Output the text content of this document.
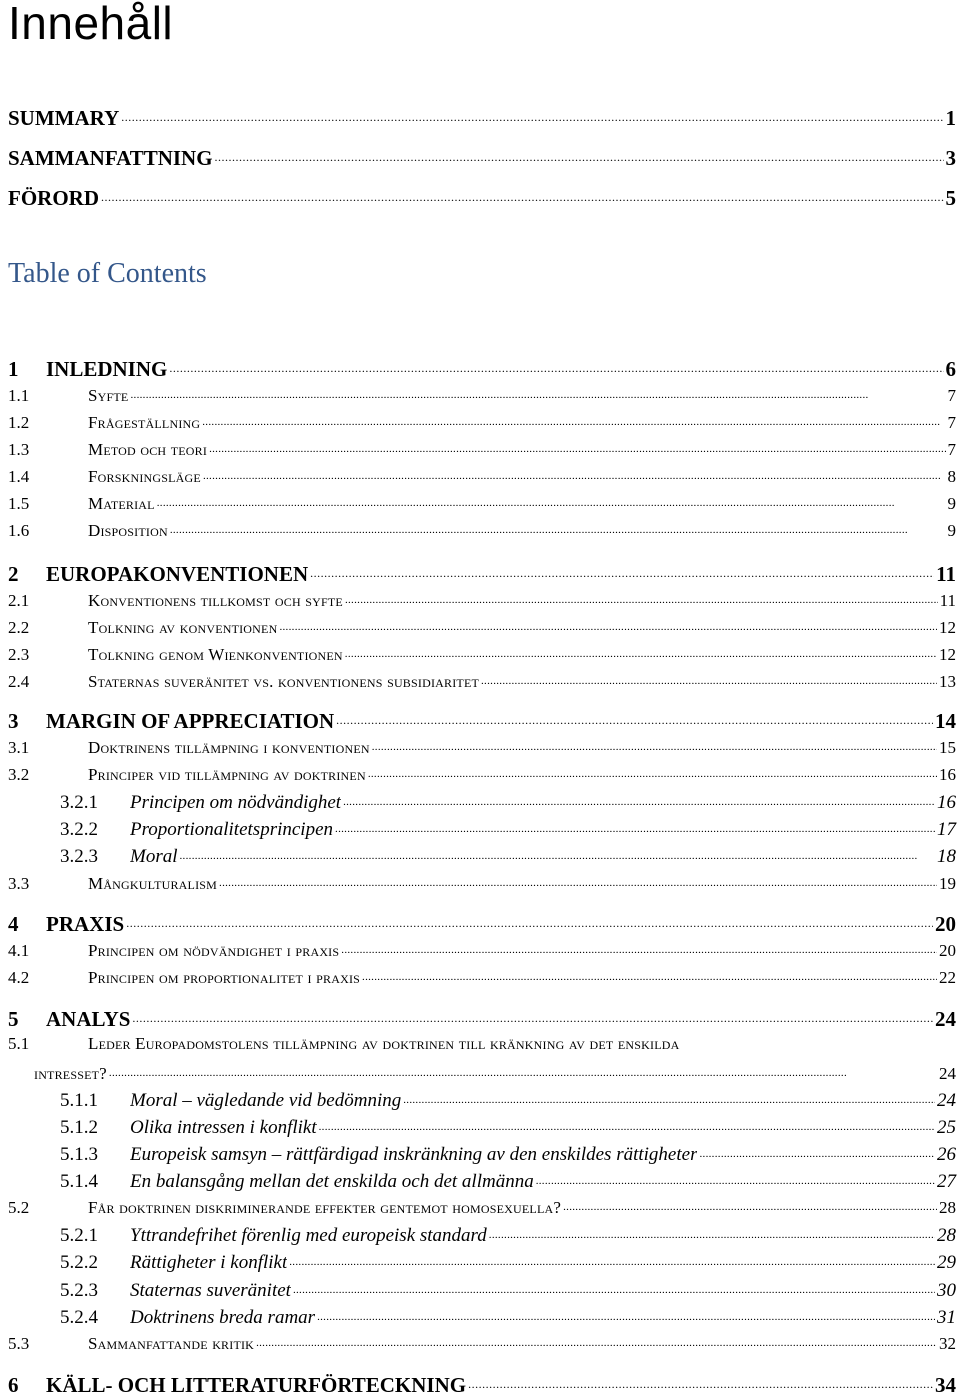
Innehåll
SUMMARY .....	1
SAMMANFATTNING .....	3
FÖRORD .....	5
Table of Contents
1	INLEDNING .....	6
1.1	Syfte .....	7
1.2	Frågeställning .....	7
1.3	Metod och teori .....	7
1.4	Forskningsläge .....	8
1.5	Material .....	9
1.6	Disposition .....	9
2	EUROPAKONVENTIONEN .....	11
2.1	Konventionens tillkomst och syfte .....	11
2.2	Tolkning av konventionen .....	12
2.3	Tolkning genom Wienkonventionen .....	12
2.4	Staternas suveränitet vs. konventionens subsidiaritet .....	13
3	MARGIN OF APPRECIATION .....	14
3.1	Doktrinens tillämpning i konventionen .....	15
3.2	Principer vid tillämpning av doktrinen .....	16
3.2.1	Principen om nödvändighet .....	16
3.2.2	Proportionalitetsprincipen .....	17
3.2.3	Moral .....	18
3.3	Mångkulturalism .....	19
4	PRAXIS .....	20
4.1	Principen om nödvändighet i praxis .....	20
4.2	Principen om proportionalitet i praxis .....	22
5	ANALYS .....	24
5.1	Leder Europadomstolens tillämpning av doktrinen till kränkning av det enskilda
intresset? .....	24
5.1.1	Moral – vägledande vid bedömning .....	24
5.1.2	Olika intressen i konflikt .....	25
5.1.3	Europeisk samsyn – rättfärdigad inskränkning av den enskildes rättigheter .....	26
5.1.4	En balansgång mellan det enskilda och det allmänna .....	27
5.2	Får doktrinen diskriminerande effekter gentemot homosexuella? .....	28
5.2.1	Yttrandefrihet förenlig med europeisk standard .....	28
5.2.2	Rättigheter i konflikt .....	29
5.2.3	Staternas suveränitet .....	30
5.2.4	Doktrinens breda ramar .....	31
5.3	Sammanfattande kritik .....	32
6	KÄLL- OCH LITTERATURFÖRTECKNING .....	34
